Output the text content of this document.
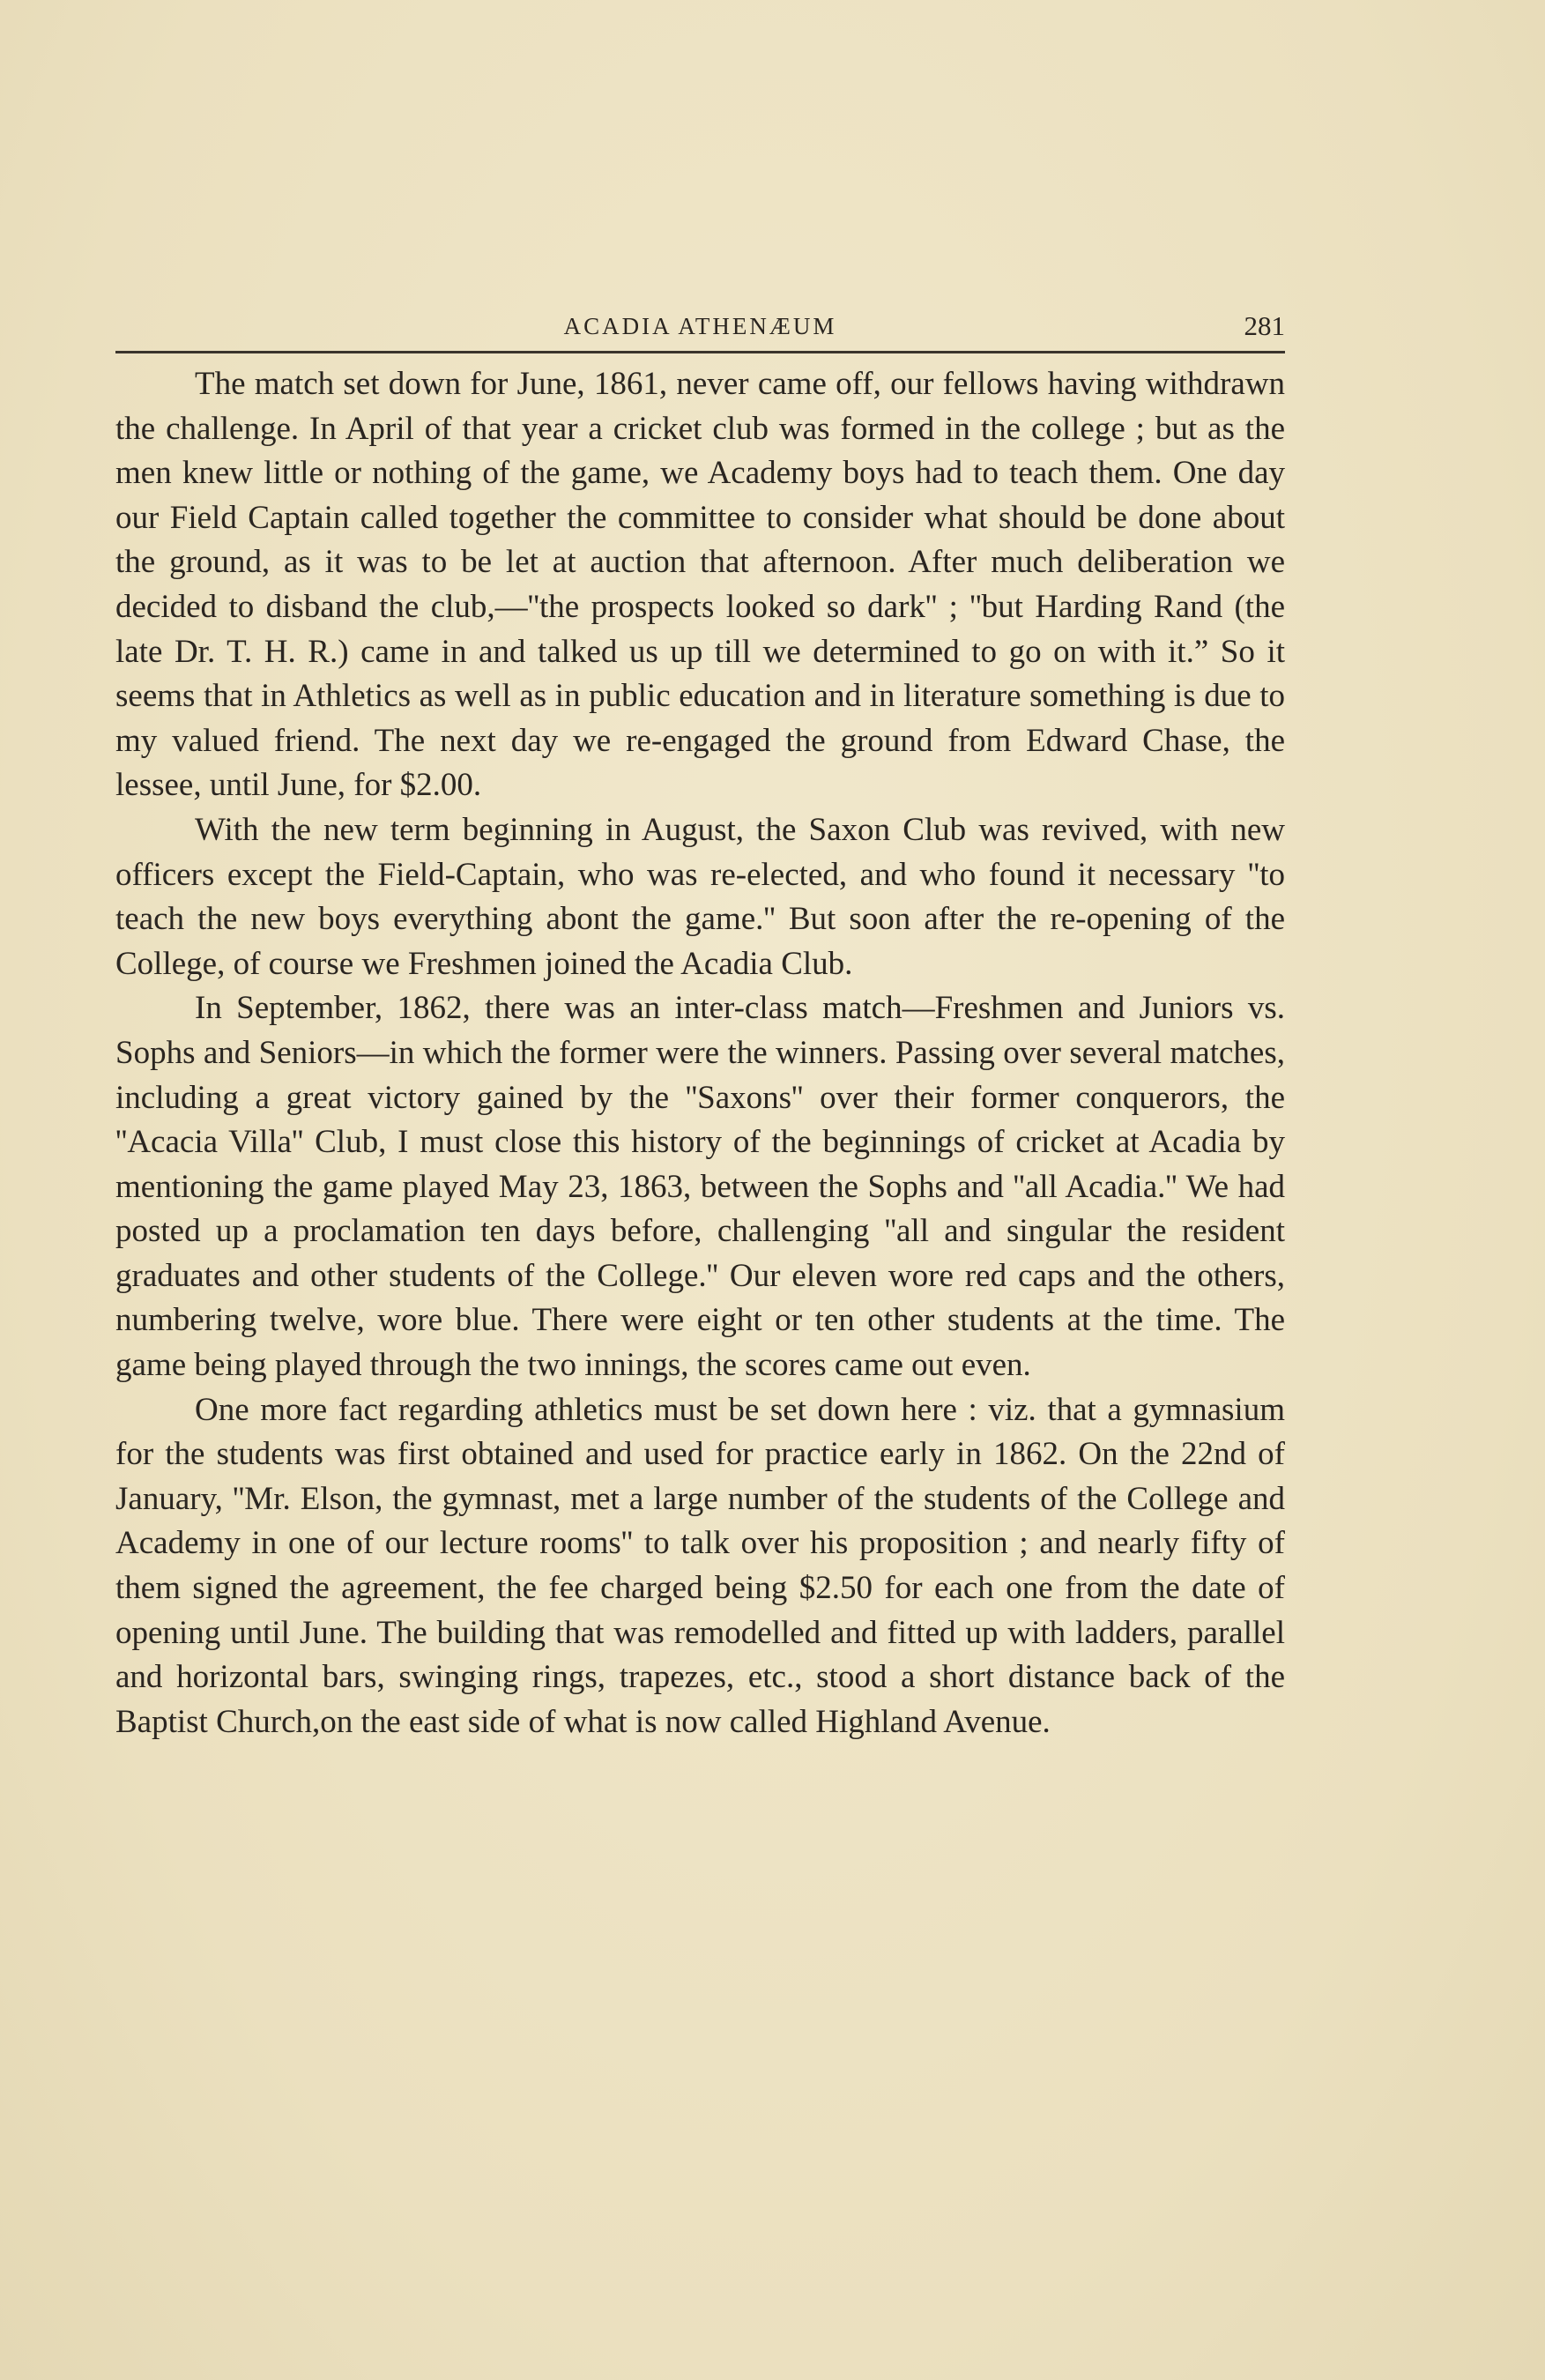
ACADIA ATHENÆUM	281

The match set down for June, 1861, never came off, our fellows having withdrawn the challenge. In April of that year a cricket club was formed in the college ; but as the men knew little or nothing of the game, we Academy boys had to teach them. One day our Field Captain called together the committee to consider what should be done about the ground, as it was to be let at auction that afternoon. After much deliberation we decided to disband the club,—''the prospects looked so dark'' ; ''but Harding Rand (the late Dr. T. H. R.) came in and talked us up till we determined to go on with it.” So it seems that in Athletics as well as in public education and in literature something is due to my valued friend. The next day we re-engaged the ground from Edward Chase, the lessee, until June, for $2.00.

With the new term beginning in August, the Saxon Club was revived, with new officers except the Field-Captain, who was re-elected, and who found it necessary ''to teach the new boys everything abont the game.'' But soon after the re-opening of the College, of course we Freshmen joined the Acadia Club.

In September, 1862, there was an inter-class match—Freshmen and Juniors vs. Sophs and Seniors—in which the former were the winners. Passing over several matches, including a great victory gained by the ''Saxons'' over their former conquerors, the ''Acacia Villa'' Club, I must close this history of the beginnings of cricket at Acadia by mentioning the game played May 23, 1863, between the Sophs and ''all Acadia.'' We had posted up a proclamation ten days before, challenging ''all and singular the resident graduates and other students of the College.'' Our eleven wore red caps and the others, numbering twelve, wore blue. There were eight or ten other students at the time. The game being played through the two innings, the scores came out even.

One more fact regarding athletics must be set down here : viz. that a gymnasium for the students was first obtained and used for practice early in 1862. On the 22nd of January, ''Mr. Elson, the gymnast, met a large number of the students of the College and Academy in one of our lecture rooms'' to talk over his proposition ; and nearly fifty of them signed the agreement, the fee charged being $2.50 for each one from the date of opening until June. The building that was remodelled and fitted up with ladders, parallel and horizontal bars, swinging rings, trapezes, etc., stood a short distance back of the Baptist Church,on the east side of what is now called Highland Avenue.
